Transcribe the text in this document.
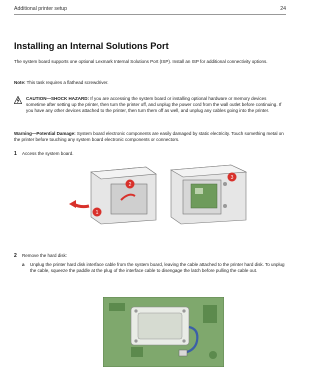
Additional printer setup	24
Installing an Internal Solutions Port
The system board supports one optional Lexmark Internal Solutions Port (ISP). Install an ISP for additional connectivity options.
Note: This task requires a flathead screwdriver.
CAUTION—SHOCK HAZARD: If you are accessing the system board or installing optional hardware or memory devices sometime after setting up the printer, then turn the printer off, and unplug the power cord from the wall outlet before continuing. If you have any other devices attached to the printer, then turn them off as well, and unplug any cables going into the printer.
Warning—Potential Damage: System board electronic components are easily damaged by static electricity. Touch something metal on the printer before touching any system board electronic components or connectors.
1 Access the system board.
1
2
3
2 Remove the hard disk:
a Unplug the printer hard disk interface cable from the system board, leaving the cable attached to the printer hard disk. To unplug the cable, squeeze the paddle at the plug of the interface cable to disengage the latch before pulling the cable out.
